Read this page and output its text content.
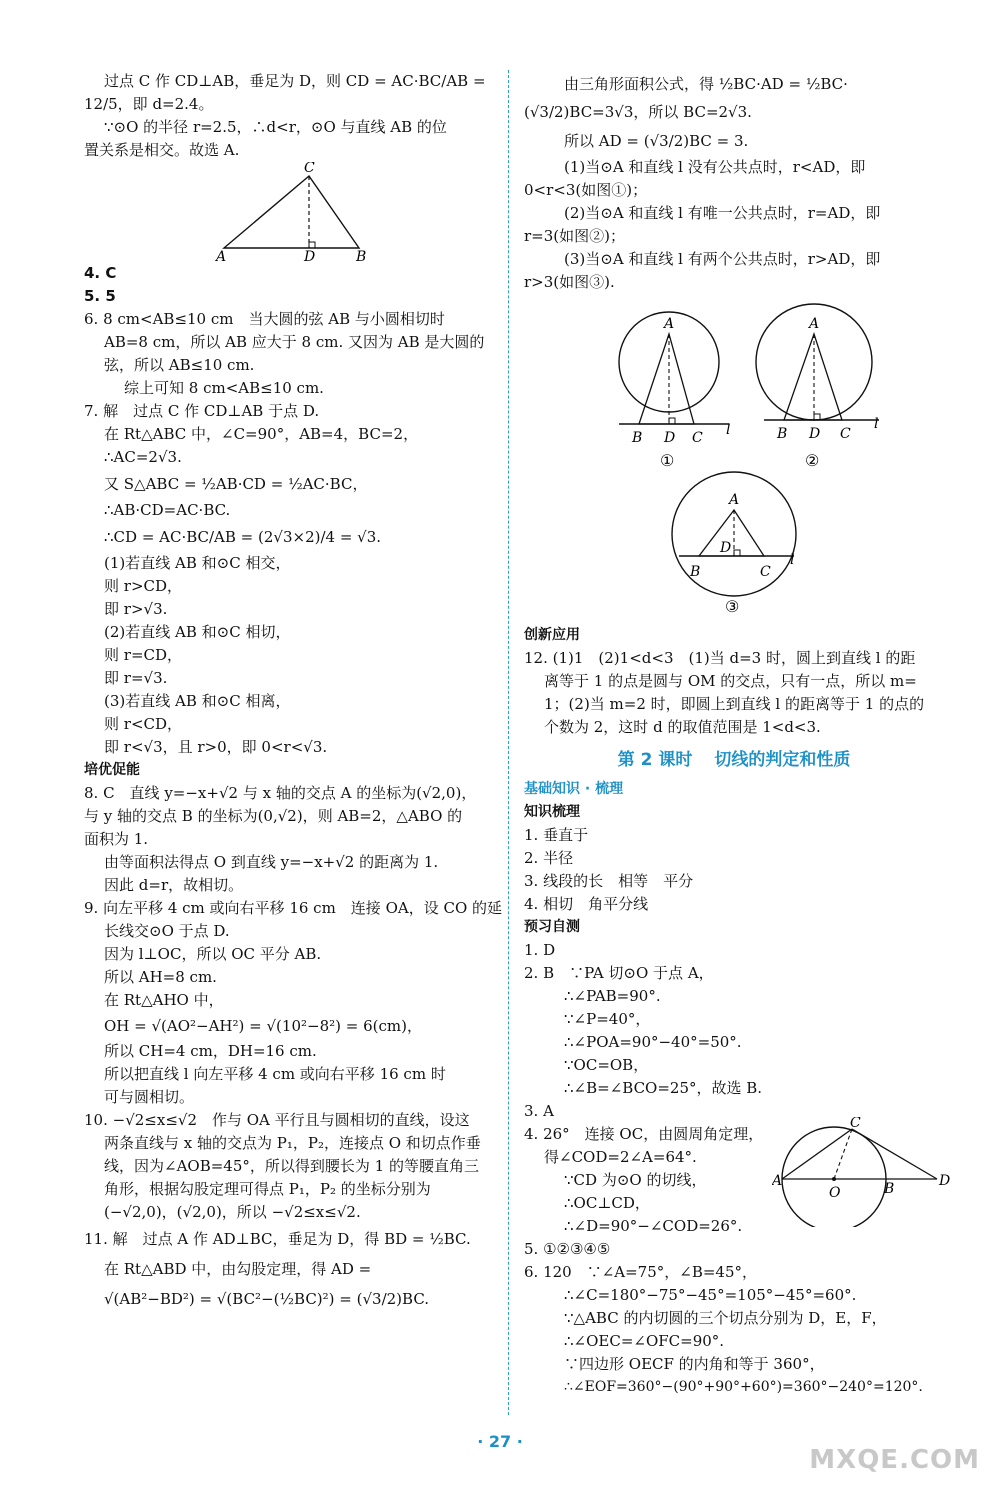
过点 C 作 CD⊥AB，垂足为 D，则 CD = AC·BC/AB =
12/5，即 d=2.4。
∵⊙O 的半径 r=2.5，∴d<r，⊙O 与直线 AB 的位
置关系是相交。故选 A.
C
A	D	B
4. C
5. 5
6. 8 cm<AB≤10 cm　当大圆的弦 AB 与小圆相切时
AB=8 cm，所以 AB 应大于 8 cm. 又因为 AB 是大圆的
弦，所以 AB≤10 cm.
综上可知 8 cm<AB≤10 cm.
7. 解　过点 C 作 CD⊥AB 于点 D.
在 Rt△ABC 中，∠C=90°，AB=4，BC=2，
∴AC=2√3.
又 S△ABC = ½AB·CD = ½AC·BC，
∴AB·CD=AC·BC.
∴CD = AC·BC/AB = (2√3×2)/4 = √3.
(1)若直线 AB 和⊙C 相交，
则 r>CD，
即 r>√3.
(2)若直线 AB 和⊙C 相切，
则 r=CD，
即 r=√3.
(3)若直线 AB 和⊙C 相离，
则 r<CD，
即 r<√3，且 r>0，即 0<r<√3.
培优促能
8. C　直线 y=−x+√2 与 x 轴的交点 A 的坐标为(√2,0)，
与 y 轴的交点 B 的坐标为(0,√2)，则 AB=2，△ABO 的
面积为 1.
由等面积法得点 O 到直线 y=−x+√2 的距离为 1.
因此 d=r，故相切。
9. 向左平移 4 cm 或向右平移 16 cm　连接 OA，设 CO 的延
长线交⊙O 于点 D.
因为 l⊥OC，所以 OC 平分 AB.
所以 AH=8 cm.
在 Rt△AHO 中，
OH = √(AO²−AH²) = √(10²−8²) = 6(cm)，
所以 CH=4 cm，DH=16 cm.
所以把直线 l 向左平移 4 cm 或向右平移 16 cm 时
可与圆相切。
10. −√2≤x≤√2　作与 OA 平行且与圆相切的直线，设这
两条直线与 x 轴的交点为 P₁，P₂，连接点 O 和切点作垂
线，因为∠AOB=45°，所以得到腰长为 1 的等腰直角三
角形，根据勾股定理可得点 P₁，P₂ 的坐标分别为
(−√2,0)，(√2,0)，所以 −√2≤x≤√2.
11. 解　过点 A 作 AD⊥BC，垂足为 D，得 BD = ½BC.
在 Rt△ABD 中，由勾股定理，得 AD =
√(AB²−BD²) = √(BC²−(½BC)²) = (√3/2)BC.
由三角形面积公式，得 ½BC·AD = ½BC·
(√3/2)BC=3√3，所以 BC=2√3.
所以 AD = (√3/2)BC = 3.
(1)当⊙A 和直线 l 没有公共点时，r<AD，即
0<r<3(如图①)；
(2)当⊙A 和直线 l 有唯一公共点时，r=AD，即
r=3(如图②)；
(3)当⊙A 和直线 l 有两个公共点时，r>AD，即
r>3(如图③).
A
B D C l
①
A
B D C
l
②
A
B
D
C
l
③
创新应用
12. (1)1　(2)1<d<3　(1)当 d=3 时，圆上到直线 l 的距
离等于 1 的点是圆与 OM 的交点，只有一点，所以 m=
1；(2)当 m=2 时，即圆上到直线 l 的距离等于 1 的点的
个数为 2，这时 d 的取值范围是 1<d<3.
第 2 课时 切线的判定和性质
基础知识 · 梳理
知识梳理
1. 垂直于
2. 半径
3. 线段的长　相等　平分
4. 相切　角平分线
预习自测
1. D
2. B　∵PA 切⊙O 于点 A，
∴∠PAB=90°.
∵∠P=40°，
∴∠POA=90°−40°=50°.
∵OC=OB，
∴∠B=∠BCO=25°，故选 B.
3. A
4. 26°　连接 OC，由圆周角定理，
得∠COD=2∠A=64°.
∵CD 为⊙O 的切线，
∴OC⊥CD，
∴∠D=90°−∠COD=26°.
C
A
O	B	D
5. ①②③④⑤
6. 120　∵∠A=75°，∠B=45°，
∴∠C=180°−75°−45°=105°−45°=60°.
∵△ABC 的内切圆的三个切点分别为 D，E，F，
∴∠OEC=∠OFC=90°.
∵四边形 OECF 的内角和等于 360°，
∴∠EOF=360°−(90°+90°+60°)=360°−240°=120°.
· 27 ·
MXQE.COM
